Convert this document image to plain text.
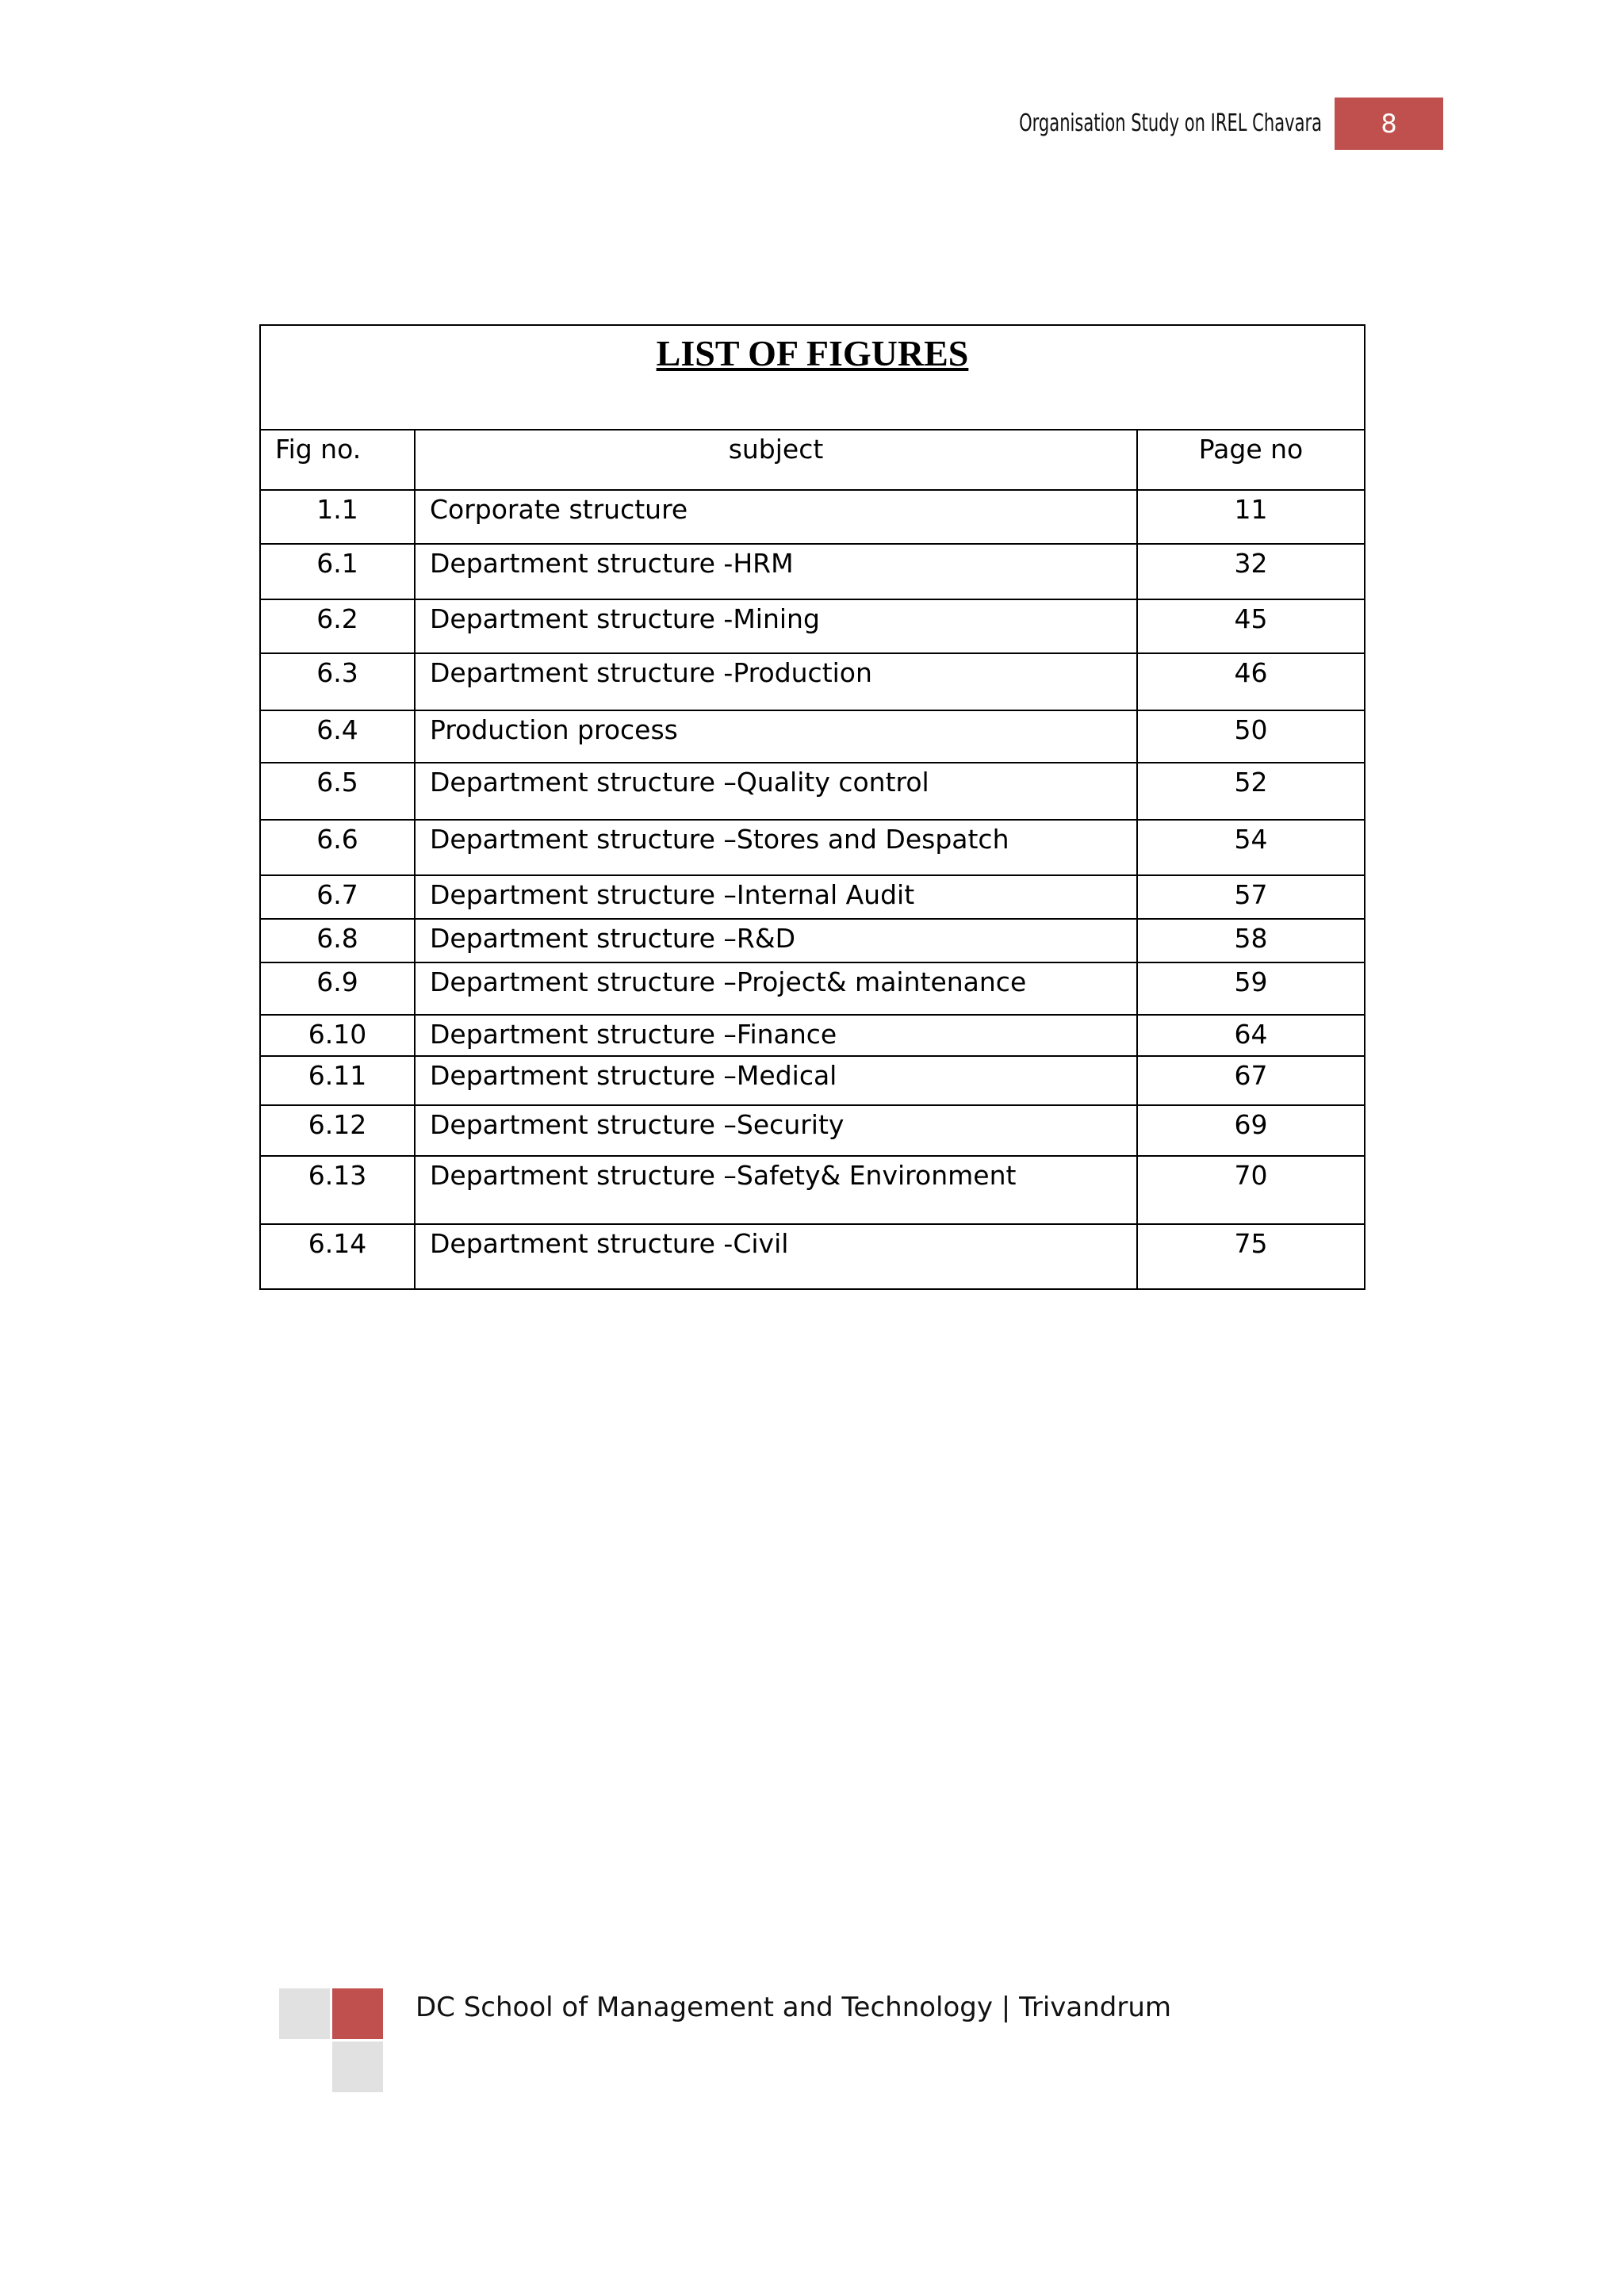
Organisation Study on IREL Chavara	8
LIST OF FIGURES		
Fig no.	subject	Page no
1.1	Corporate structure	11
6.1	Department structure -HRM	32
6.2	Department structure -Mining	45
6.3	Department structure -Production	46
6.4	Production process	50
6.5	Department structure –Quality control	52
6.6	Department structure –Stores and Despatch	54
6.7	Department structure –Internal Audit	57
6.8	Department structure –R&D	58
6.9	Department structure –Project& maintenance	59
6.10	Department structure –Finance	64
6.11	Department structure –Medical	67
6.12	Department structure –Security	69
6.13	Department structure –Safety& Environment	70
6.14	Department structure -Civil	75
DC School of Management and Technology | Trivandrum
